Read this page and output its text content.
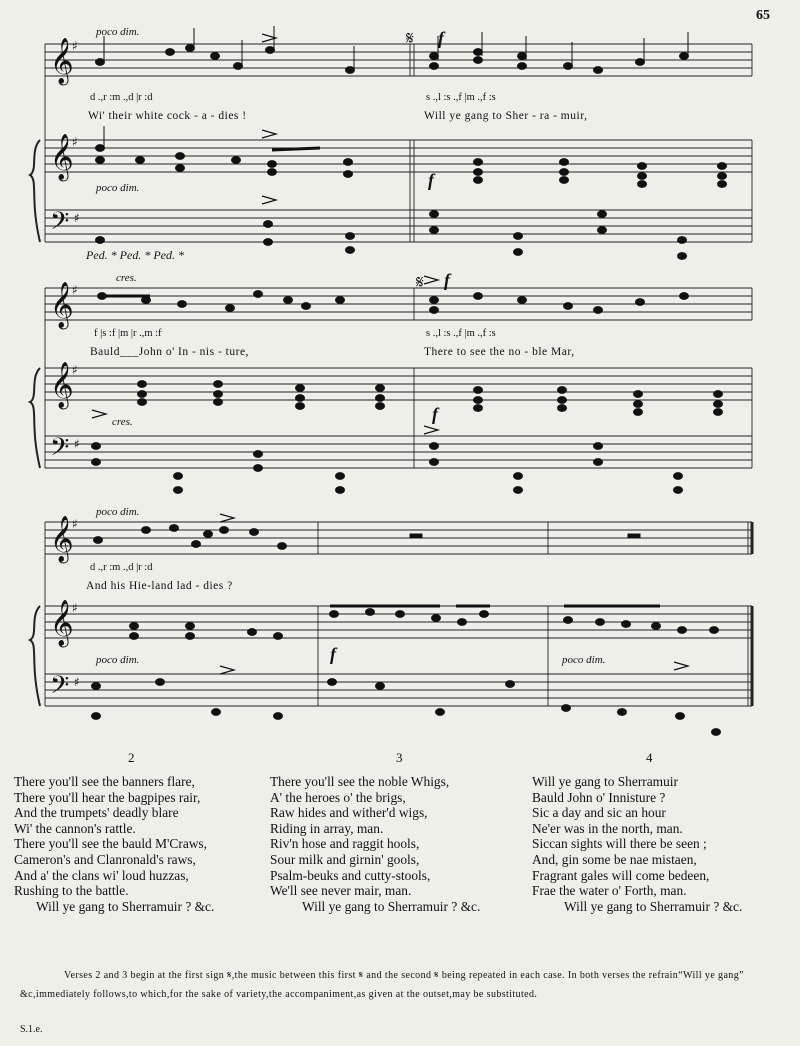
65
𝄞
𝄞
𝄢
𝄞
𝄞
𝄢
𝄞
𝄞
𝄢
♯
♯
♯
♯
♯
♯
♯
♯
♯
𝄋
𝄋
poco dim.	f
poco dim.	f
cres.	f
cres.	f
poco dim.
poco dim.	f	poco dim.
d .,r :m .,d |r :d	s .,l :s .,f |m .,f :s
Wi' their white cock - a - dies !	Will ye gang to Sher - ra - muir,
Ped. * Ped. * Ped. *
f |s :f |m |r .,m :f	s .,l :s .,f |m .,f :s
Bauld___John o' In - nis - ture,	There to see the no - ble Mar,
d .,r :m .,d |r :d
And his Hie-land lad - dies ?
2	3	4
There you'll see the banners flare,
There you'll hear the bagpipes rair,
And the trumpets' deadly blare
Wi' the cannon's rattle.
There you'll see the bauld M'Craws,
Cameron's and Clanronald's raws,
And a' the clans wi' loud huzzas,
Rushing to the battle.
Will ye gang to Sherramuir ? &c.
There you'll see the noble Whigs,
A' the heroes o' the brigs,
Raw hides and wither'd wigs,
Riding in array, man.
Riv'n hose and raggit hools,
Sour milk and girnin' gools,
Psalm-beuks and cutty-stools,
We'll see never mair, man.
Will ye gang to Sherramuir ? &c.
Will ye gang to Sherramuir
Bauld John o' Innisture ?
Sic a day and sic an hour
Ne'er was in the north, man.
Siccan sights will there be seen ;
And, gin some be nae mistaen,
Fragrant gales will come bedeen,
Frae the water o' Forth, man.
Will ye gang to Sherramuir ? &c.

Verses 2 and 3 begin at the first sign 𝄋,the music between this first 𝄋 and the second 𝄋 being repeated in each case. In both verses the refrain“Will ye gang” &c,immediately follows,to which,for the sake of variety,the accompaniment,as given at the outset,may be substituted.

S.1.e.
